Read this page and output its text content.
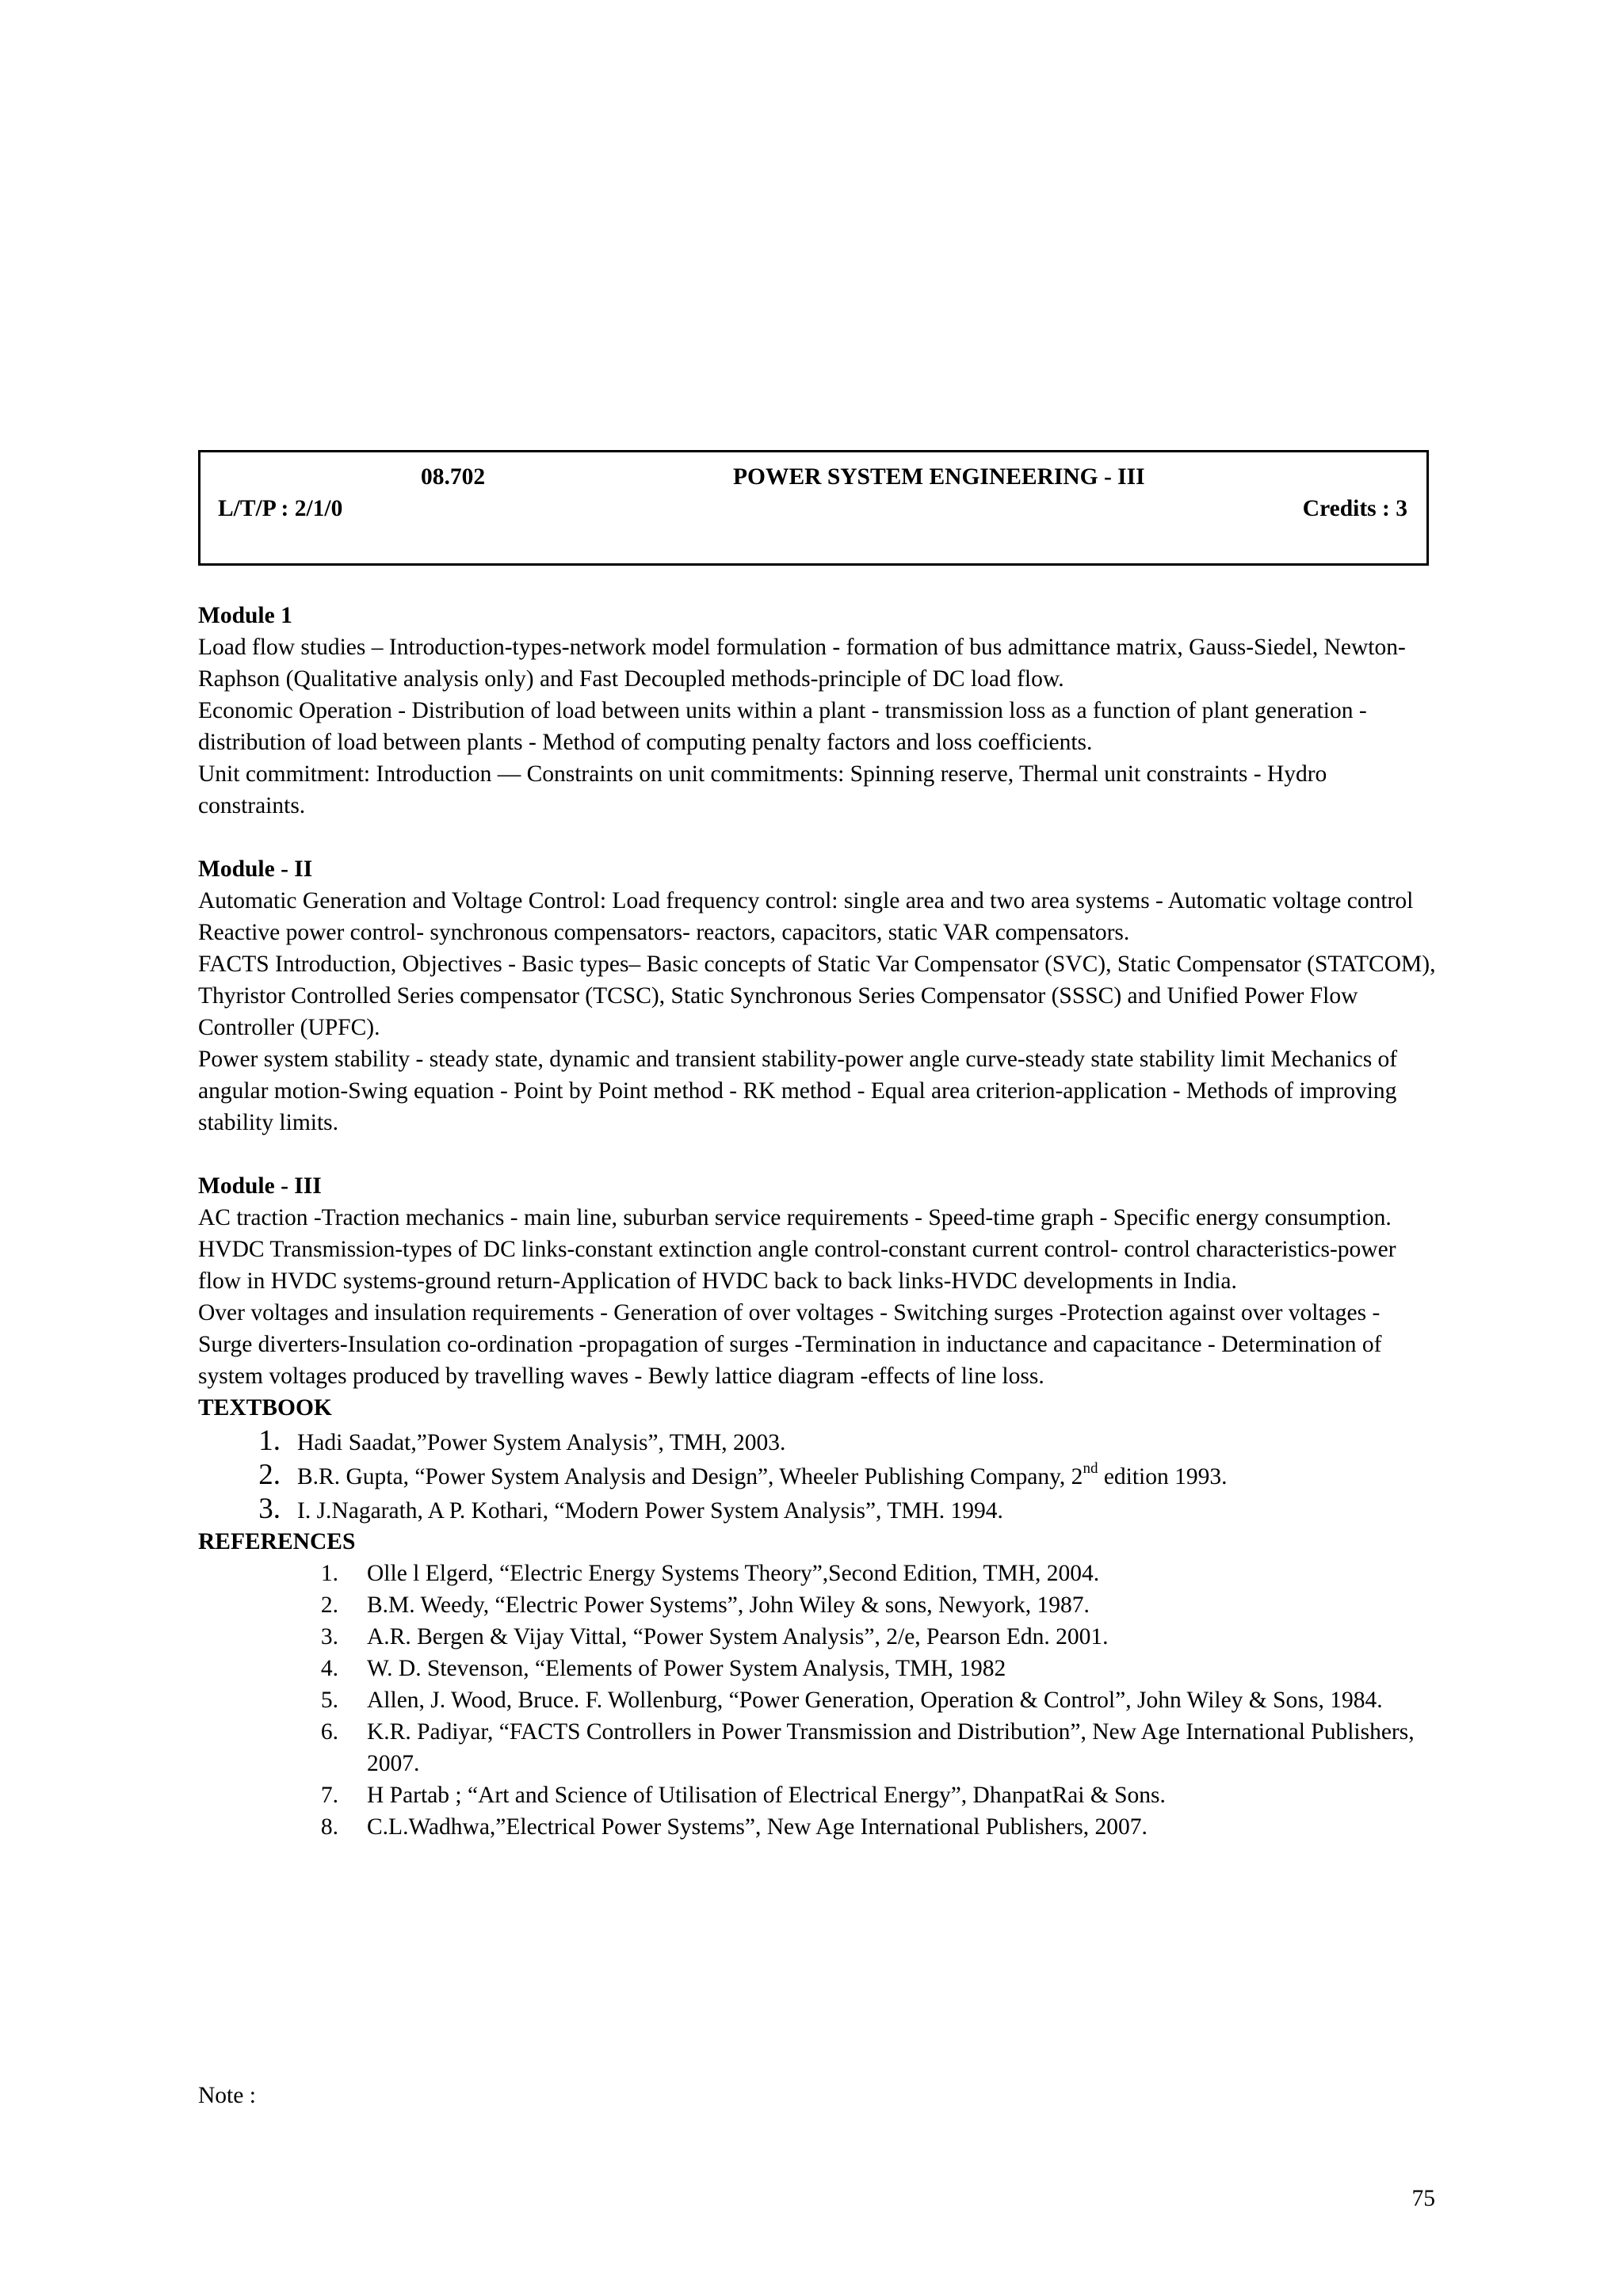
08.702	POWER SYSTEM ENGINEERING - III
L/T/P : 2/1/0	Credits : 3
Module 1

Load flow studies – Introduction-types-network model formulation - formation of bus admittance matrix, Gauss-Siedel, Newton-Raphson (Qualitative analysis only) and Fast Decoupled methods-principle of DC load flow.

Economic Operation - Distribution of load between units within a plant - transmission loss as a function of plant generation - distribution of load between plants - Method of computing penalty factors and loss coefficients.

Unit commitment: Introduction — Constraints on unit commitments: Spinning reserve, Thermal unit constraints - Hydro constraints.

Module - II

Automatic Generation and Voltage Control: Load frequency control: single area and two area systems - Automatic voltage control

Reactive power control- synchronous compensators- reactors, capacitors, static VAR compensators.

FACTS Introduction, Objectives - Basic types– Basic concepts of Static Var Compensator (SVC), Static Compensator (STATCOM), Thyristor Controlled Series compensator (TCSC), Static Synchronous Series Compensator (SSSC) and Unified Power Flow Controller (UPFC).

Power system stability - steady state, dynamic and transient stability-power angle curve-steady state stability limit Mechanics of angular motion-Swing equation - Point by Point method - RK method - Equal area criterion-application - Methods of improving stability limits.

Module - III

AC traction -Traction mechanics - main line, suburban service requirements - Speed-time graph - Specific energy consumption.

HVDC Transmission-types of DC links-constant extinction angle control-constant current control- control characteristics-power flow in HVDC systems-ground return-Application of HVDC back to back links-HVDC developments in India.

Over voltages and insulation requirements - Generation of over voltages - Switching surges -Protection against over voltages - Surge diverters-Insulation co-ordination -propagation of surges -Termination in inductance and capacitance - Determination of system voltages produced by travelling waves - Bewly lattice diagram -effects of line loss.

TEXTBOOK

1. Hadi Saadat,”Power System Analysis”, TMH, 2003.
2. B.R. Gupta, “Power System Analysis and Design”, Wheeler Publishing Company, 2nd edition 1993.
3. I. J.Nagarath, A P. Kothari, “Modern Power System Analysis”, TMH. 1994.

REFERENCES

1.	Olle l Elgerd, “Electric Energy Systems Theory”,Second Edition, TMH, 2004.
2.	B.M. Weedy, “Electric Power Systems”, John Wiley & sons, Newyork, 1987.
3.	A.R. Bergen & Vijay Vittal, “Power System Analysis”, 2/e, Pearson Edn. 2001.
4.	W. D. Stevenson, “Elements of Power System Analysis, TMH, 1982
5.	Allen, J. Wood, Bruce. F. Wollenburg, “Power Generation, Operation & Control”, John Wiley & Sons, 1984.
6.	K.R. Padiyar, “FACTS Controllers in Power Transmission and Distribution”, New Age International Publishers, 2007.
7.	H Partab ; “Art and Science of Utilisation of Electrical Energy”, DhanpatRai & Sons.
8.	C.L.Wadhwa,”Electrical Power Systems”, New Age International Publishers, 2007.
Note :
75
